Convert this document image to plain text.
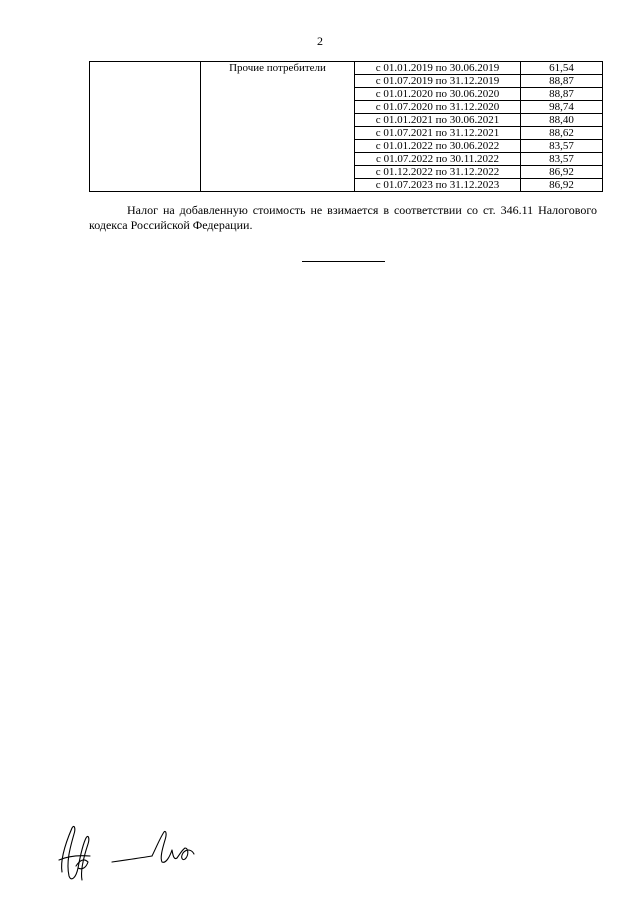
2
	Прочие потребители	с 01.01.2019 по 30.06.2019	61,54
		с 01.07.2019 по 31.12.2019	88,87
		с 01.01.2020 по 30.06.2020	88,87
		с 01.07.2020 по 31.12.2020	98,74
		с 01.01.2021 по 30.06.2021	88,40
		с 01.07.2021 по 31.12.2021	88,62
		с 01.01.2022 по 30.06.2022	83,57
		с 01.07.2022 по 30.11.2022	83,57
		с 01.12.2022 по 31.12.2022	86,92
		с 01.07.2023 по 31.12.2023	86,92

Налог на добавленную стоимость не взимается в соответствии со ст. 346.11 Налогового кодекса Российской Федерации.
